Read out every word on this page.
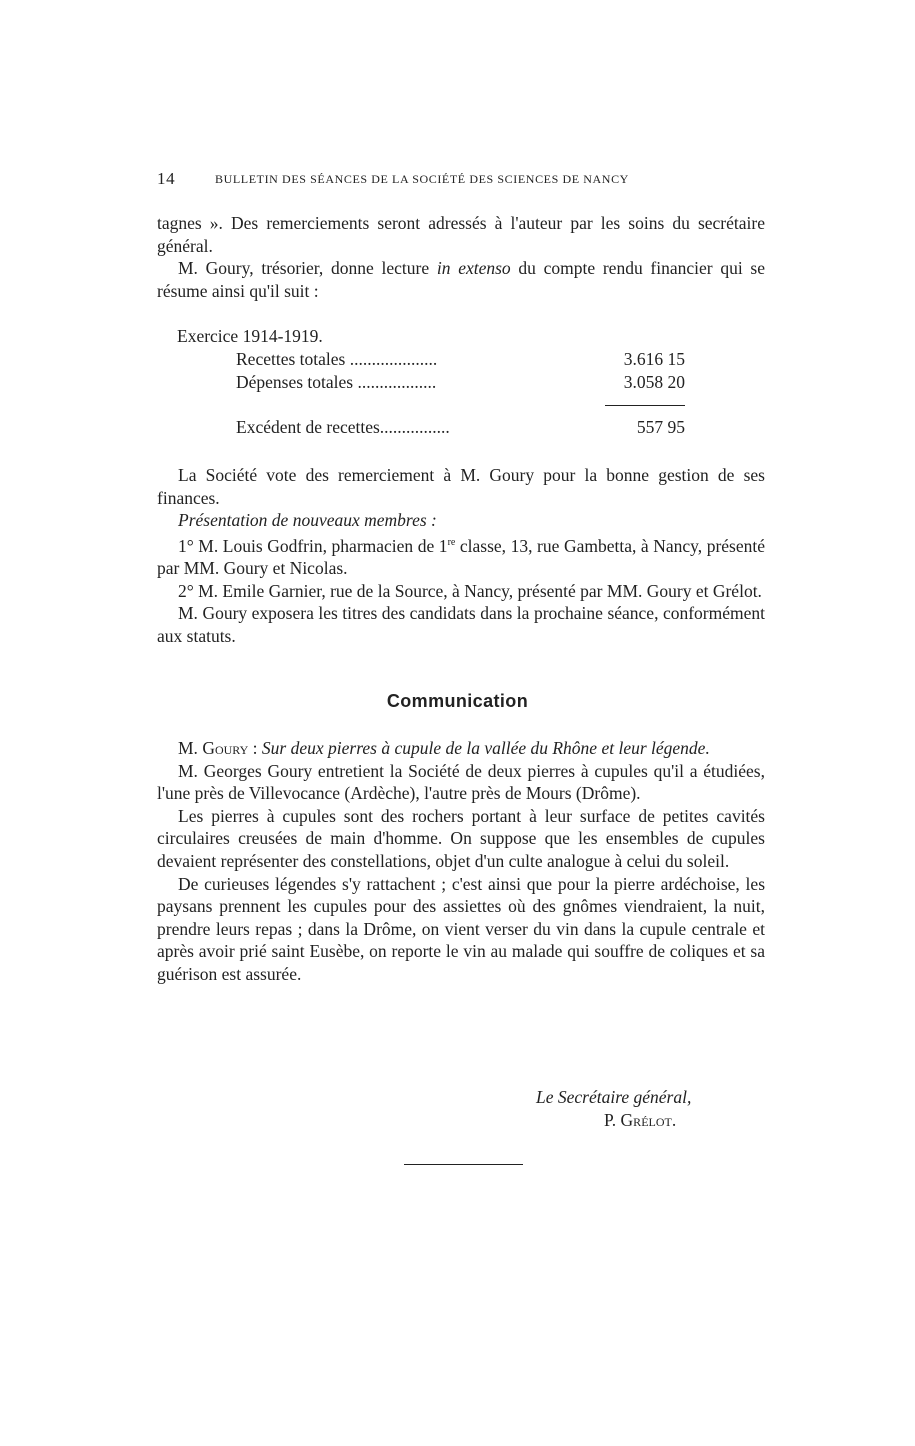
14	BULLETIN DES SÉANCES DE LA SOCIÉTÉ DES SCIENCES DE NANCY

tagnes ». Des remerciements seront adressés à l'auteur par les soins du secrétaire général.

M. Goury, trésorier, donne lecture in extenso du compte rendu financier qui se résume ainsi qu'il suit :

Exercice 1914-1919.
Recettes totales ....................	3.616 15
Dépenses totales ..................	3.058 20
Excédent de recettes................	557 95

La Société vote des remerciement à M. Goury pour la bonne gestion de ses finances.

Présentation de nouveaux membres :

1° M. Louis Godfrin, pharmacien de 1re classe, 13, rue Gambetta, à Nancy, présenté par MM. Goury et Nicolas.

2° M. Emile Garnier, rue de la Source, à Nancy, présenté par MM. Goury et Grélot.

M. Goury exposera les titres des candidats dans la prochaine séance, conformément aux statuts.

Communication

M. Goury : Sur deux pierres à cupule de la vallée du Rhône et leur légende.

M. Georges Goury entretient la Société de deux pierres à cupules qu'il a étudiées, l'une près de Villevocance (Ardèche), l'autre près de Mours (Drôme).

Les pierres à cupules sont des rochers portant à leur surface de petites cavités circulaires creusées de main d'homme. On suppose que les ensembles de cupules devaient représenter des constellations, objet d'un culte analogue à celui du soleil.

De curieuses légendes s'y rattachent ; c'est ainsi que pour la pierre ardéchoise, les paysans prennent les cupules pour des assiettes où des gnômes viendraient, la nuit, prendre leurs repas ; dans la Drôme, on vient verser du vin dans la cupule centrale et après avoir prié saint Eusèbe, on reporte le vin au malade qui souffre de coliques et sa guérison est assurée.

Le Secrétaire général,
P. Grélot.
